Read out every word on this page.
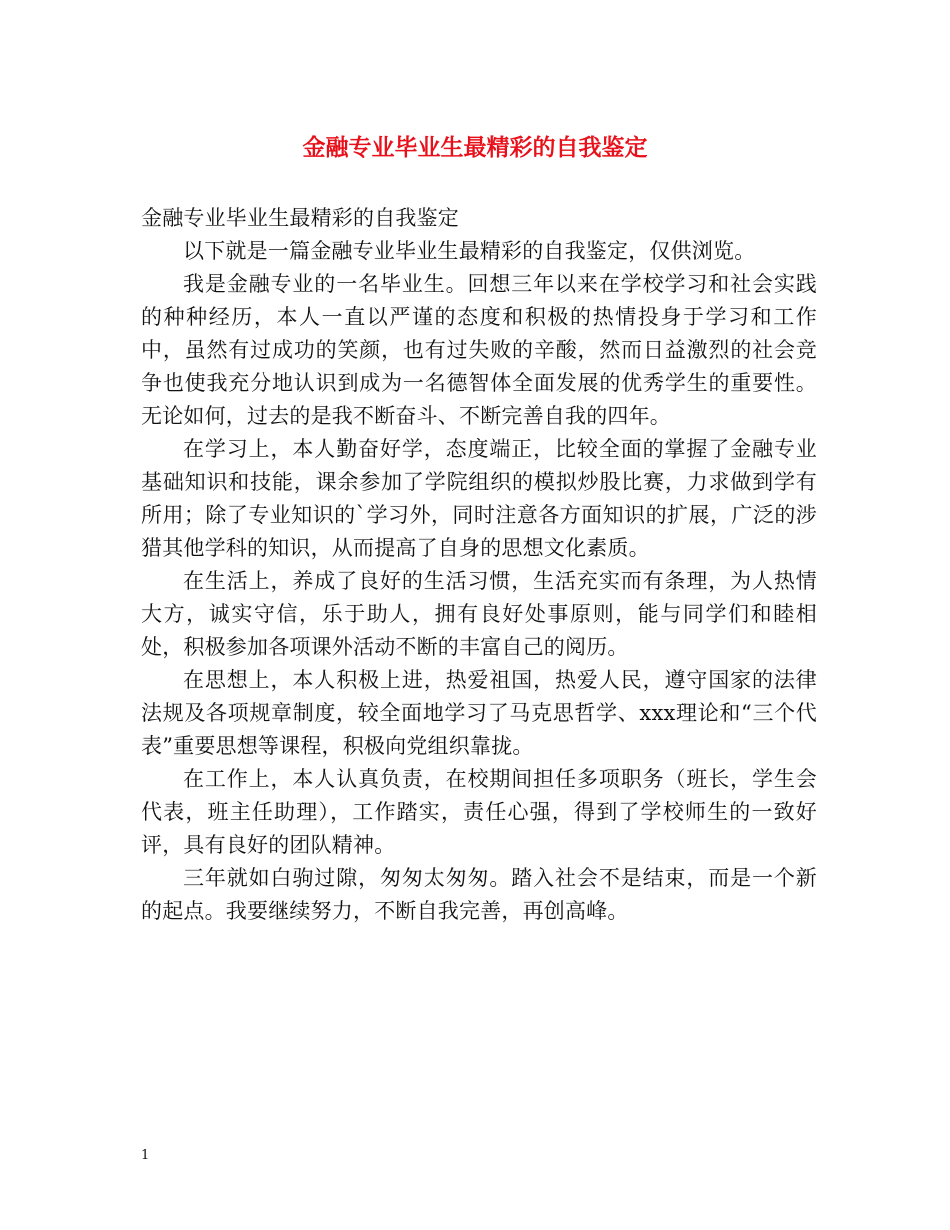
金融专业毕业生最精彩的自我鉴定

金融专业毕业生最精彩的自我鉴定

以下就是一篇金融专业毕业生最精彩的自我鉴定，仅供浏览。

我是金融专业的一名毕业生。回想三年以来在学校学习和社会实践的种种经历，本人一直以严谨的态度和积极的热情投身于学习和工作中，虽然有过成功的笑颜，也有过失败的辛酸，然而日益激烈的社会竞争也使我充分地认识到成为一名德智体全面发展的优秀学生的重要性。无论如何，过去的是我不断奋斗、不断完善自我的四年。

在学习上，本人勤奋好学，态度端正，比较全面的掌握了金融专业基础知识和技能，课余参加了学院组织的模拟炒股比赛，力求做到学有所用；除了专业知识的`学习外，同时注意各方面知识的扩展，广泛的涉猎其他学科的知识，从而提高了自身的思想文化素质。

在生活上，养成了良好的生活习惯，生活充实而有条理，为人热情大方，诚实守信，乐于助人，拥有良好处事原则，能与同学们和睦相处，积极参加各项课外活动不断的丰富自己的阅历。

在思想上，本人积极上进，热爱祖国，热爱人民，遵守国家的法律法规及各项规章制度，较全面地学习了马克思哲学、xxx理论和“三个代表”重要思想等课程，积极向党组织靠拢。

在工作上，本人认真负责，在校期间担任多项职务（班长，学生会代表，班主任助理），工作踏实，责任心强，得到了学校师生的一致好评，具有良好的团队精神。

三年就如白驹过隙，匆匆太匆匆。踏入社会不是结束，而是一个新的起点。我要继续努力，不断自我完善，再创高峰。

1
